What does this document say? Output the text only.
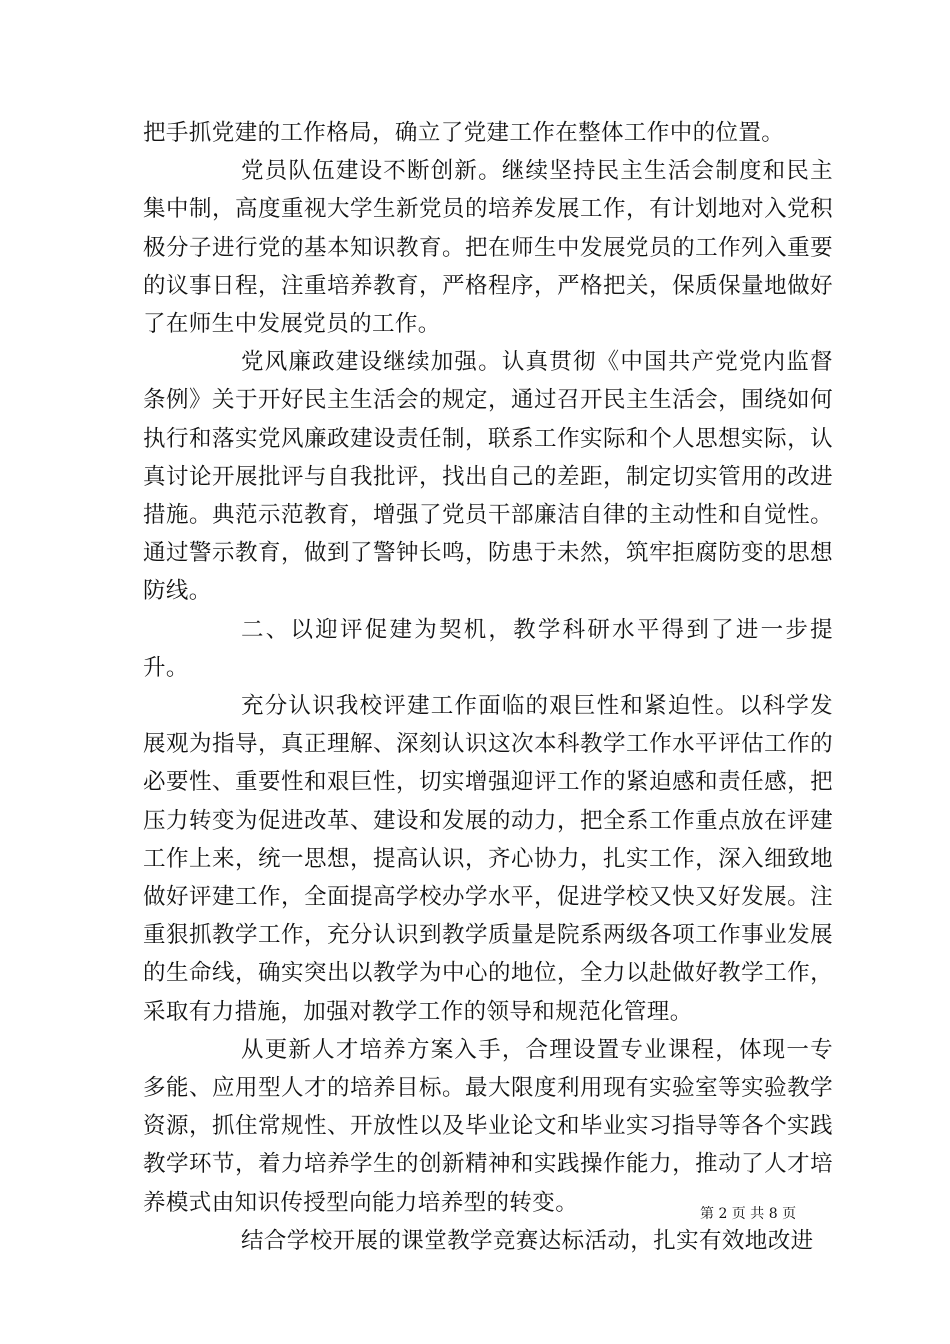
把手抓党建的工作格局，确立了党建工作在整体工作中的位置。

党员队伍建设不断创新。继续坚持民主生活会制度和民主集中制，高度重视大学生新党员的培养发展工作，有计划地对入党积极分子进行党的基本知识教育。把在师生中发展党员的工作列入重要的议事日程，注重培养教育，严格程序，严格把关，保质保量地做好了在师生中发展党员的工作。

党风廉政建设继续加强。认真贯彻《中国共产党党内监督条例》关于开好民主生活会的规定，通过召开民主生活会，围绕如何执行和落实党风廉政建设责任制，联系工作实际和个人思想实际，认真讨论开展批评与自我批评，找出自己的差距，制定切实管用的改进措施。典范示范教育，增强了党员干部廉洁自律的主动性和自觉性。通过警示教育，做到了警钟长鸣，防患于未然，筑牢拒腐防变的思想防线。

二、以迎评促建为契机，教学科研水平得到了进一步提升。

充分认识我校评建工作面临的艰巨性和紧迫性。以科学发展观为指导，真正理解、深刻认识这次本科教学工作水平评估工作的必要性、重要性和艰巨性，切实增强迎评工作的紧迫感和责任感，把压力转变为促进改革、建设和发展的动力，把全系工作重点放在评建工作上来，统一思想，提高认识，齐心协力，扎实工作，深入细致地做好评建工作，全面提高学校办学水平，促进学校又快又好发展。注重狠抓教学工作，充分认识到教学质量是院系两级各项工作事业发展的生命线，确实突出以教学为中心的地位，全力以赴做好教学工作，采取有力措施，加强对教学工作的领导和规范化管理。

从更新人才培养方案入手，合理设置专业课程，体现一专多能、应用型人才的培养目标。最大限度利用现有实验室等实验教学资源，抓住常规性、开放性以及毕业论文和毕业实习指导等各个实践教学环节，着力培养学生的创新精神和实践操作能力，推动了人才培养模式由知识传授型向能力培养型的转变。

结合学校开展的课堂教学竞赛达标活动，扎实有效地改进

第 2 页 共 8 页
